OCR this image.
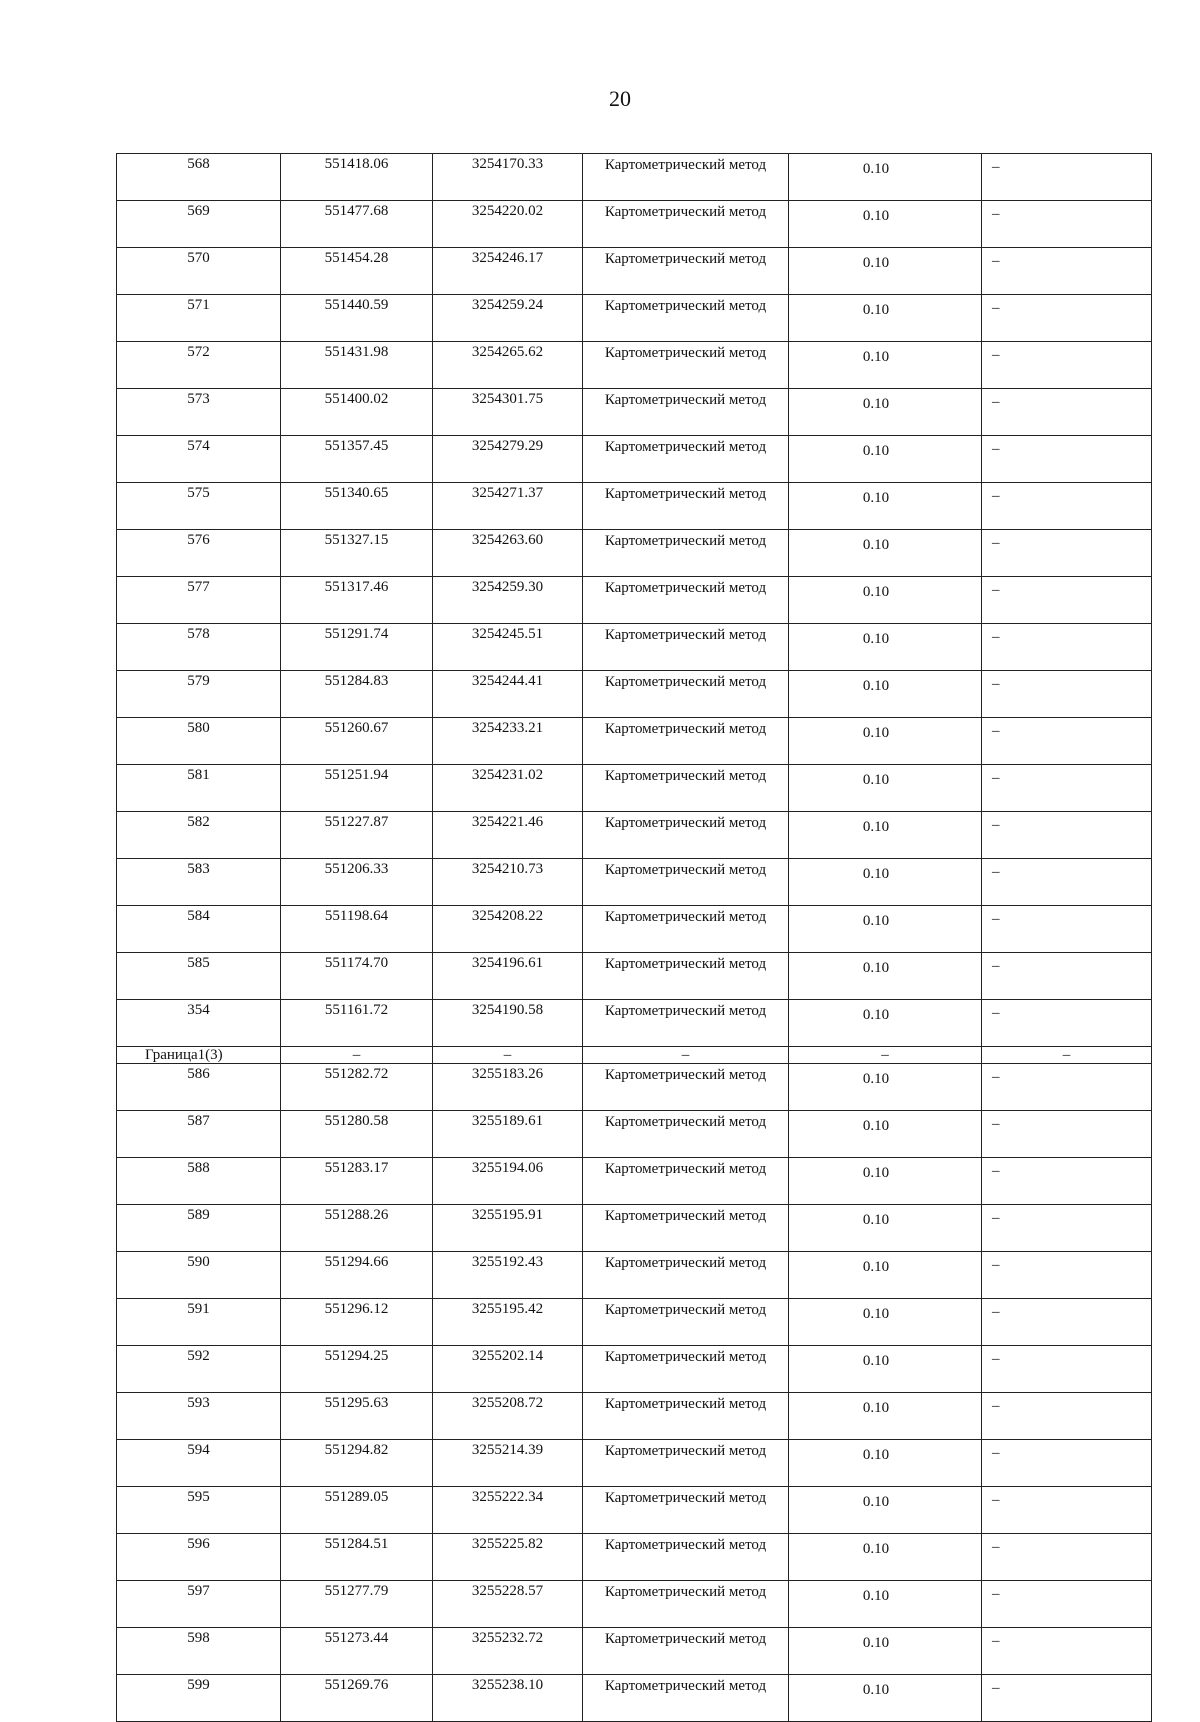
20
568	551418.06	3254170.33	Картометрический метод	0.10	–
569	551477.68	3254220.02	Картометрический метод	0.10	–
570	551454.28	3254246.17	Картометрический метод	0.10	–
571	551440.59	3254259.24	Картометрический метод	0.10	–
572	551431.98	3254265.62	Картометрический метод	0.10	–
573	551400.02	3254301.75	Картометрический метод	0.10	–
574	551357.45	3254279.29	Картометрический метод	0.10	–
575	551340.65	3254271.37	Картометрический метод	0.10	–
576	551327.15	3254263.60	Картометрический метод	0.10	–
577	551317.46	3254259.30	Картометрический метод	0.10	–
578	551291.74	3254245.51	Картометрический метод	0.10	–
579	551284.83	3254244.41	Картометрический метод	0.10	–
580	551260.67	3254233.21	Картометрический метод	0.10	–
581	551251.94	3254231.02	Картометрический метод	0.10	–
582	551227.87	3254221.46	Картометрический метод	0.10	–
583	551206.33	3254210.73	Картометрический метод	0.10	–
584	551198.64	3254208.22	Картометрический метод	0.10	–
585	551174.70	3254196.61	Картометрический метод	0.10	–
354	551161.72	3254190.58	Картометрический метод	0.10	–
Граница1(3)	–	–	–	–	–
586	551282.72	3255183.26	Картометрический метод	0.10	–
587	551280.58	3255189.61	Картометрический метод	0.10	–
588	551283.17	3255194.06	Картометрический метод	0.10	–
589	551288.26	3255195.91	Картометрический метод	0.10	–
590	551294.66	3255192.43	Картометрический метод	0.10	–
591	551296.12	3255195.42	Картометрический метод	0.10	–
592	551294.25	3255202.14	Картометрический метод	0.10	–
593	551295.63	3255208.72	Картометрический метод	0.10	–
594	551294.82	3255214.39	Картометрический метод	0.10	–
595	551289.05	3255222.34	Картометрический метод	0.10	–
596	551284.51	3255225.82	Картометрический метод	0.10	–
597	551277.79	3255228.57	Картометрический метод	0.10	–
598	551273.44	3255232.72	Картометрический метод	0.10	–
599	551269.76	3255238.10	Картометрический метод	0.10	–
